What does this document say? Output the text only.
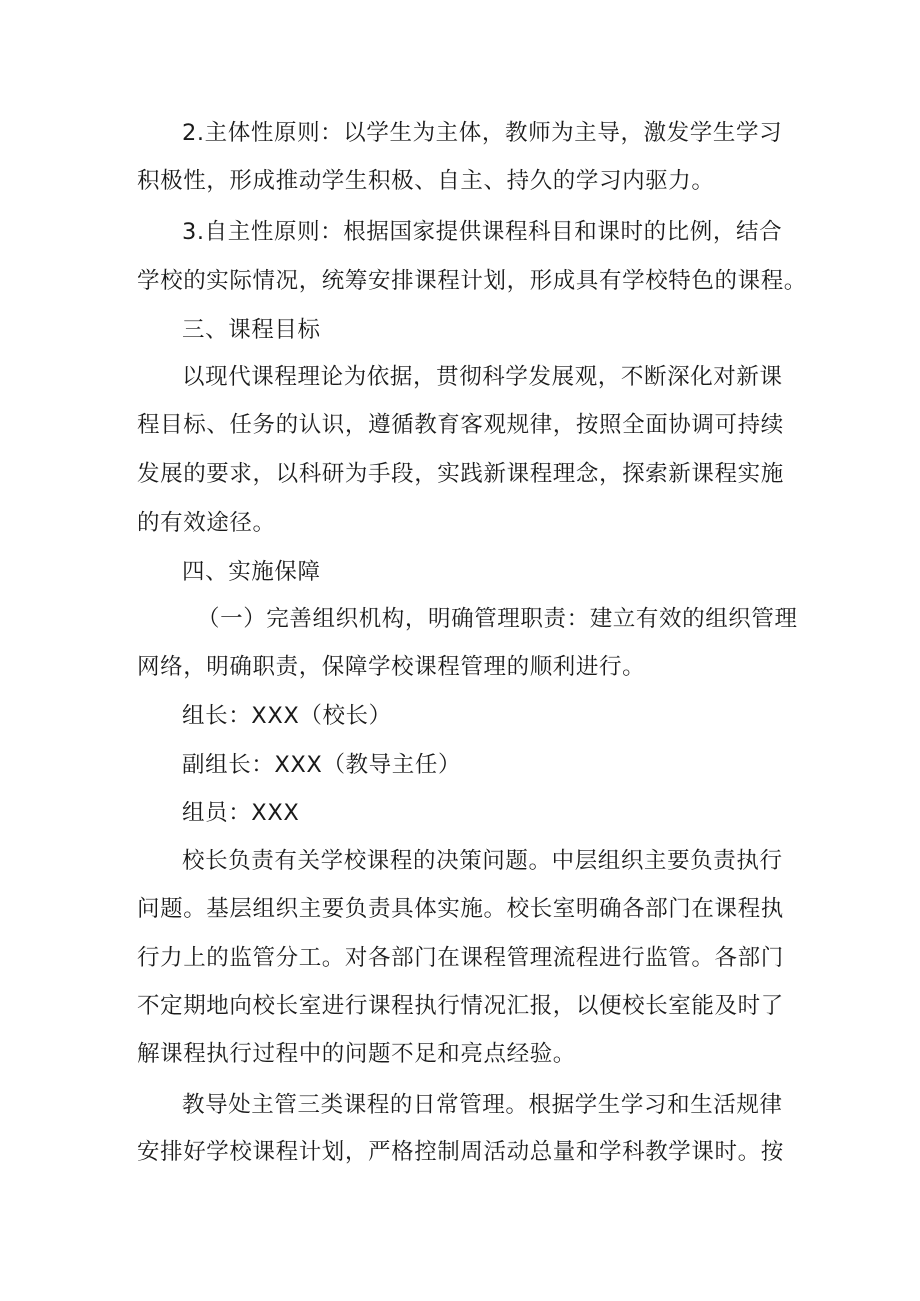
2.主体性原则：以学生为主体，教师为主导，激发学生学习
积极性，形成推动学生积极、自主、持久的学习内驱力。
3.自主性原则：根据国家提供课程科目和课时的比例，结合
学校的实际情况，统筹安排课程计划，形成具有学校特色的课程。
三、课程目标
以现代课程理论为依据，贯彻科学发展观，不断深化对新课
程目标、任务的认识，遵循教育客观规律，按照全面协调可持续
发展的要求，以科研为手段，实践新课程理念，探索新课程实施
的有效途径。
四、实施保障
（一）完善组织机构，明确管理职责：建立有效的组织管理
网络，明确职责，保障学校课程管理的顺利进行。
组长：XXX（校长）
副组长：XXX（教导主任）
组员：XXX
校长负责有关学校课程的决策问题。中层组织主要负责执行
问题。基层组织主要负责具体实施。校长室明确各部门在课程执
行力上的监管分工。对各部门在课程管理流程进行监管。各部门
不定期地向校长室进行课程执行情况汇报，以便校长室能及时了
解课程执行过程中的问题不足和亮点经验。
教导处主管三类课程的日常管理。根据学生学习和生活规律
安排好学校课程计划，严格控制周活动总量和学科教学课时。按
